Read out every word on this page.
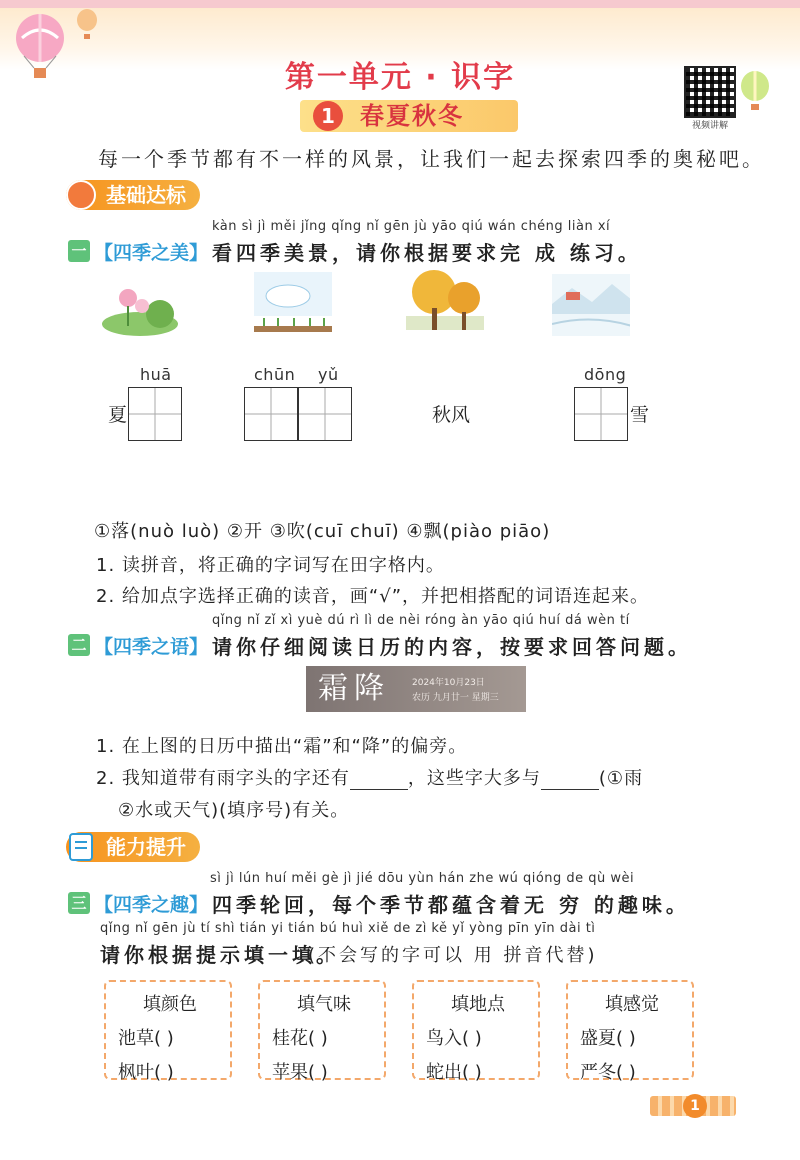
第一单元 · 识字
1	春夏秋冬	视频讲解
每一个季节都有不一样的风景，让我们一起去探索四季的奥秘吧。
基础达标
kàn sì jì měi jǐng qǐng nǐ gēn jù yāo qiú wán chéng liàn xí
一 【四季之美】 看四季美景，请你根据要求完 成 练习。
huā	chūn yǔ	dōng
夏	秋风	雪
①落(nuò luò) ②开 ③吹(cuī chuī) ④飘(piào piāo)
1. 读拼音，将正确的字词写在田字格内。
2. 给加点字选择正确的读音，画“√”，并把相搭配的词语连起来。
qǐng nǐ zǐ xì yuè dú rì lì de nèi róng àn yāo qiú huí dá wèn tí
二 【四季之语】 请你仔细阅读日历的内容，按要求回答问题。
霜降 2024年10月23日
农历 九月廿一 星期三
1. 在上图的日历中描出“霜”和“降”的偏旁。
2. 我知道带有雨字头的字还有	，这些字大多与	(①雨
②水或天气)(填序号)有关。
能力提升
sì jì lún huí měi gè jì jié dōu yùn hán zhe wú qióng de qù wèi
三 【四季之趣】 四季轮回，每个季节都蕴含着无 穷 的趣味。
qǐng nǐ gēn jù tí shì tián yi tián bú huì xiě de zì kě yǐ yòng pīn yīn dài tì
请你根据提示填一填。
(不会写的字可以 用 拼音代替)
填颜色
池草( )
枫叶( )
填气味
桂花( )
苹果( )
填地点
鸟入( )
蛇出( )
填感觉
盛夏( )
严冬( )
1
